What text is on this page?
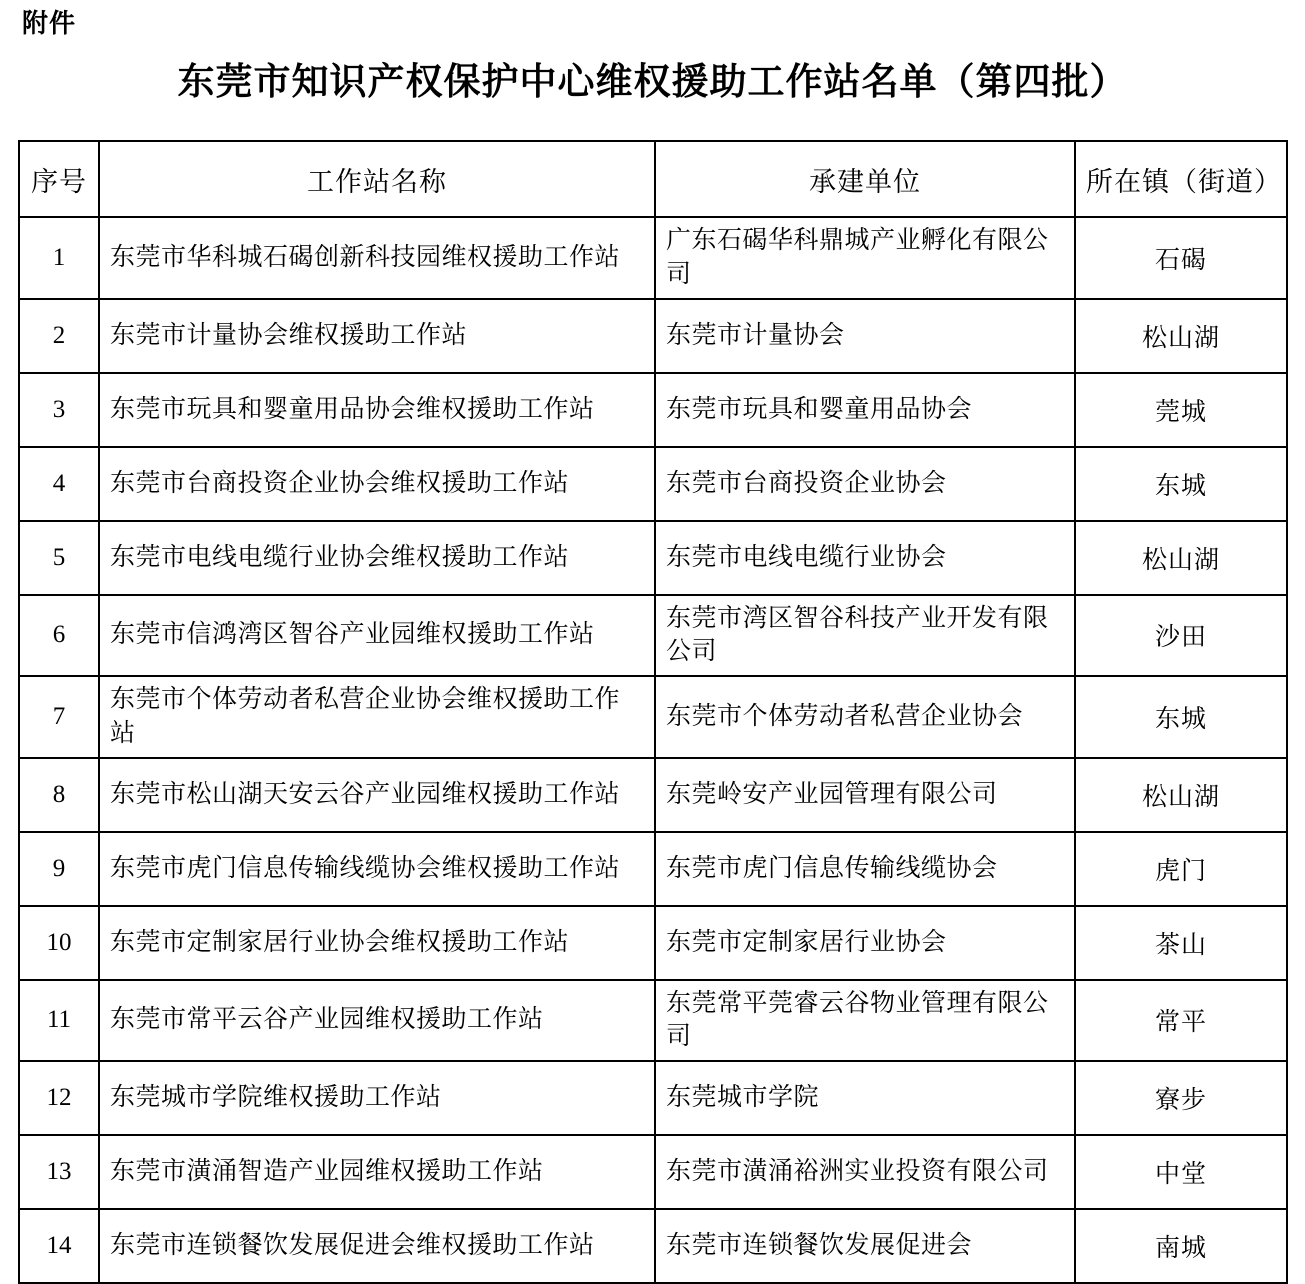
附件
东莞市知识产权保护中心维权援助工作站名单（第四批）
序号	工作站名称	承建单位	所在镇（街道）
1	东莞市华科城石碣创新科技园维权援助工作站	广东石碣华科鼎城产业孵化有限公司	石碣
2	东莞市计量协会维权援助工作站	东莞市计量协会	松山湖
3	东莞市玩具和婴童用品协会维权援助工作站	东莞市玩具和婴童用品协会	莞城
4	东莞市台商投资企业协会维权援助工作站	东莞市台商投资企业协会	东城
5	东莞市电线电缆行业协会维权援助工作站	东莞市电线电缆行业协会	松山湖
6	东莞市信鸿湾区智谷产业园维权援助工作站	东莞市湾区智谷科技产业开发有限公司	沙田
7	东莞市个体劳动者私营企业协会维权援助工作站	东莞市个体劳动者私营企业协会	东城
8	东莞市松山湖天安云谷产业园维权援助工作站	东莞岭安产业园管理有限公司	松山湖
9	东莞市虎门信息传输线缆协会维权援助工作站	东莞市虎门信息传输线缆协会	虎门
10	东莞市定制家居行业协会维权援助工作站	东莞市定制家居行业协会	茶山
11	东莞市常平云谷产业园维权援助工作站	东莞常平莞睿云谷物业管理有限公司	常平
12	东莞城市学院维权援助工作站	东莞城市学院	寮步
13	东莞市潢涌智造产业园维权援助工作站	东莞市潢涌裕洲实业投资有限公司	中堂
14	东莞市连锁餐饮发展促进会维权援助工作站	东莞市连锁餐饮发展促进会	南城
